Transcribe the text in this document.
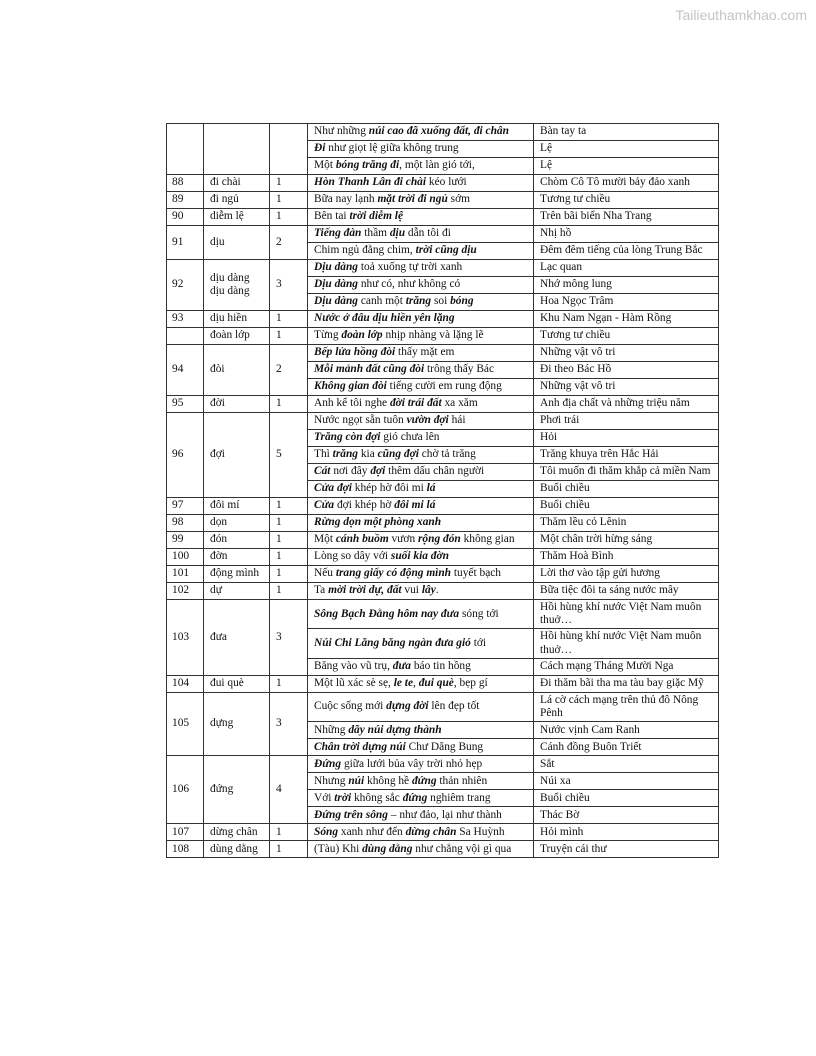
Tailieuthamkhao.com
			Như những núi cao đã xuống đất, đi chân	Bàn tay ta
			Đi như giọt lệ giữa không trung	Lệ
			Một bóng trăng đi, một làn gió tới,	Lệ
88	đi chài	1	Hòn Thanh Lân đi chài kéo lưới	Chòm Cô Tô mười bảy đảo xanh
89	đi ngủ	1	Bữa nay lạnh mặt trời đi ngủ sớm	Tương tư chiều
90	diễm lệ	1	Bên tai trời diễm lệ	Trên bãi biển Nha Trang
91	dịu	2	Tiếng đàn thầm dịu dẫn tôi đi	Nhị hồ
			Chim ngủ đằng chim, trời cũng dịu	Đêm đêm tiếng của lòng Trung Bắc
92	dịu dàng dịu dàng	3	Dịu dàng toả xuống tự trời xanh	Lạc quan
			Dịu dàng như có, như không có	Nhớ mông lung
			Dịu dàng canh một trăng soi bóng	Hoa Ngọc Trâm
93	dịu hiền	1	Nước ở đâu dịu hiền yên lặng	Khu Nam Ngạn - Hàm Rồng
	đoàn lớp	1	Từng đoàn lớp nhịp nhàng và lặng lẽ	Tương tư chiều
94	đòi	2	Bếp lửa hồng đòi thấy mặt em	Những vật vô tri
			Mỗi mảnh đất cũng đòi trông thấy Bác	Đi theo Bác Hồ
			Không gian đòi tiếng cười em rung động	Những vật vô tri
95	đời	1	Anh kể tôi nghe đời trái đất xa xăm	Anh địa chất và những triệu năm
96	đợi	5	Nước ngọt sẵn tuôn vườn đợi hái	Phơi trái
			Trăng còn đợi gió chưa lên	Hỏi
			Thì trăng kia cũng đợi chờ tả trăng	Trăng khuya trên Hắc Hải
			Cát nơi đây đợi thêm dấu chân người	Tôi muốn đi thăm khắp cả miền Nam
			Cửa đợi khép hờ đôi mi lá	Buổi chiều
97	đôi mí	1	Cửa đợi khép hờ đôi mi lá	Buổi chiều
98	dọn	1	Rừng dọn một phòng xanh	Thăm lều cỏ Lênin
99	đón	1	Một cánh buồm vươn rộng đón không gian	Một chân trời hừng sáng
100	đờn	1	Lòng so dây với suối kia đờn	Thăm Hoà Bình
101	động mình	1	Nếu trang giấy có động mình tuyết bạch	Lời thơ vào tập gửi hương
102	dự	1	Ta mời trời dự, đất vui lây.	Bữa tiệc đôi ta sáng nước mây
103	đưa	3	Sông Bạch Đằng hôm nay đưa sóng tới	Hồi hùng khí nước Việt Nam muôn thuở…
			Núi Chi Lăng băng ngàn đưa gió tới	Hồi hùng khí nước Việt Nam muôn thuở…
			Băng vào vũ trụ, đưa báo tin hồng	Cách mạng Tháng Mười Nga
104	đui què	1	Một lũ xác sè sẹ, le te, đui què, bẹp gí	Đi thăm bãi tha ma tàu bay giặc Mỹ
105	dựng	3	Cuộc sống mới dựng đời lên đẹp tốt	Lá cờ cách mạng trên thủ đô Nông Pênh
			Những dãy núi dựng thành	Nước vịnh Cam Ranh
			Chân trời dựng núi Chư Dăng Bung	Cánh đồng Buôn Triết
106	đứng	4	Đứng giữa lưới bủa vây trời nhỏ hẹp	Sắt
			Nhưng núi không hề đứng thản nhiên	Núi xa
			Với trời không sắc đứng nghiêm trang	Buổi chiều
			Đứng trên sông – như đảo, lại như thành	Thác Bờ
107	dừng chân	1	Sóng xanh như đến dừng chân Sa Huỳnh	Hỏi mình
108	dùng dằng	1	(Tàu) Khi dùng dằng như chẳng vội gì qua	Truyện cái thư
